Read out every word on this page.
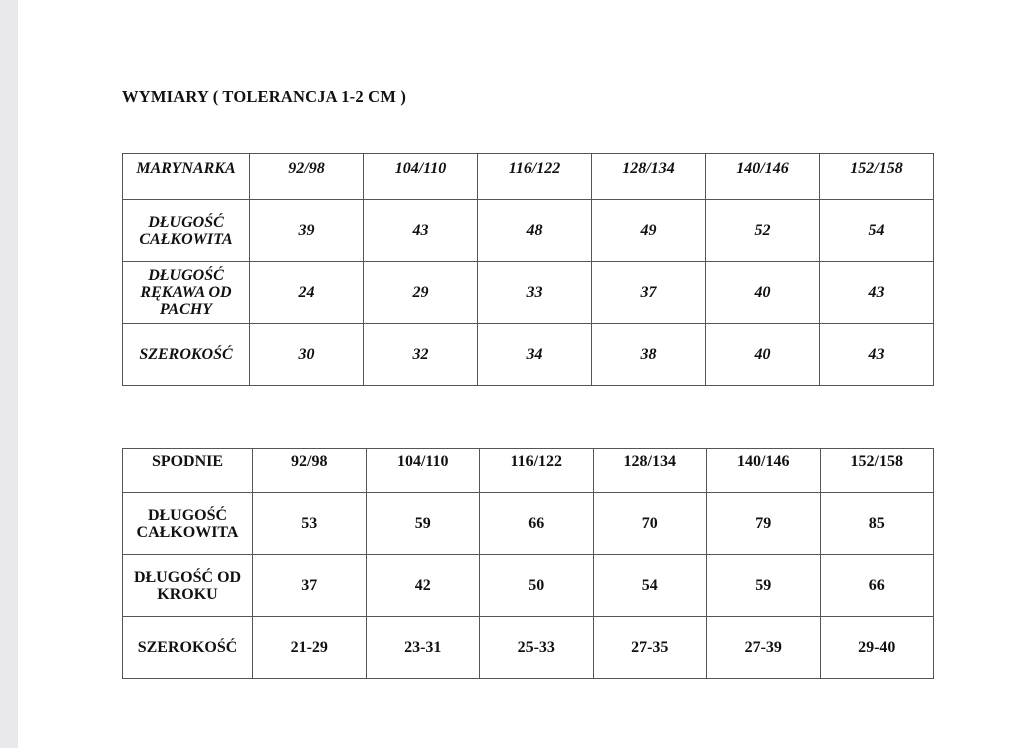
WYMIARY ( TOLERANCJA 1-2 CM )
MARYNARKA	92/98	104/110	116/122	128/134	140/146	152/158
DŁUGOŚĆ CAŁKOWITA	39	43	48	49	52	54
DŁUGOŚĆ RĘKAWA OD PACHY	24	29	33	37	40	43
SZEROKOŚĆ	30	32	34	38	40	43
SPODNIE	92/98	104/110	116/122	128/134	140/146	152/158
DŁUGOŚĆ CAŁKOWITA	53	59	66	70	79	85
DŁUGOŚĆ OD KROKU	37	42	50	54	59	66
SZEROKOŚĆ	21-29	23-31	25-33	27-35	27-39	29-40
